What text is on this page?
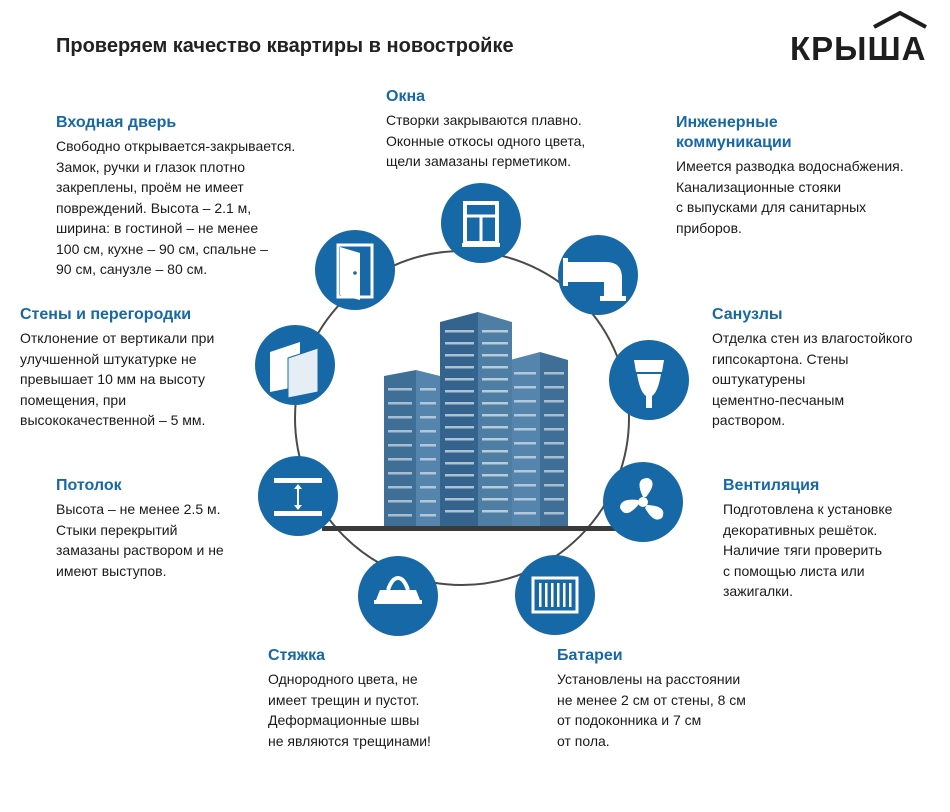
Проверяем качество квартиры в новостройке	КРЫША
Входная дверь

Свободно открывается-закрывается.
Замок, ручки и глазок плотно
закреплены, проём не имеет
повреждений. Высота – 2.1 м,
ширина: в гостиной – не менее
100 см, кухне – 90 см, спальне –
90 см, санузле – 80 см.

Окна

Створки закрываются плавно.
Оконные откосы одного цвета,
щели замазаны герметиком.

Инженерные
коммуникации

Имеется разводка водоснабжения.
Канализационные стояки
с выпусками для санитарных
приборов.

Стены и перегородки

Отклонение от вертикали при
улучшенной штукатурке не
превышает 10 мм на высоту
помещения, при
высококачественной – 5 мм.

Санузлы

Отделка стен из влагостойкого
гипсокартона. Стены
оштукатурены
цементно-песчаным
раствором.

Потолок

Высота – не менее 2.5 м.
Стыки перекрытий
замазаны раствором и не
имеют выступов.

Вентиляция

Подготовлена к установке
декоративных решёток.
Наличие тяги проверить
с помощью листа или
зажигалки.

Стяжка

Однородного цвета, не
имеет трещин и пустот.
Деформационные швы
не являются трещинами!

Батареи

Установлены на расстоянии
не менее 2 см от стены, 8 см
от подоконника и 7 см
от пола.
